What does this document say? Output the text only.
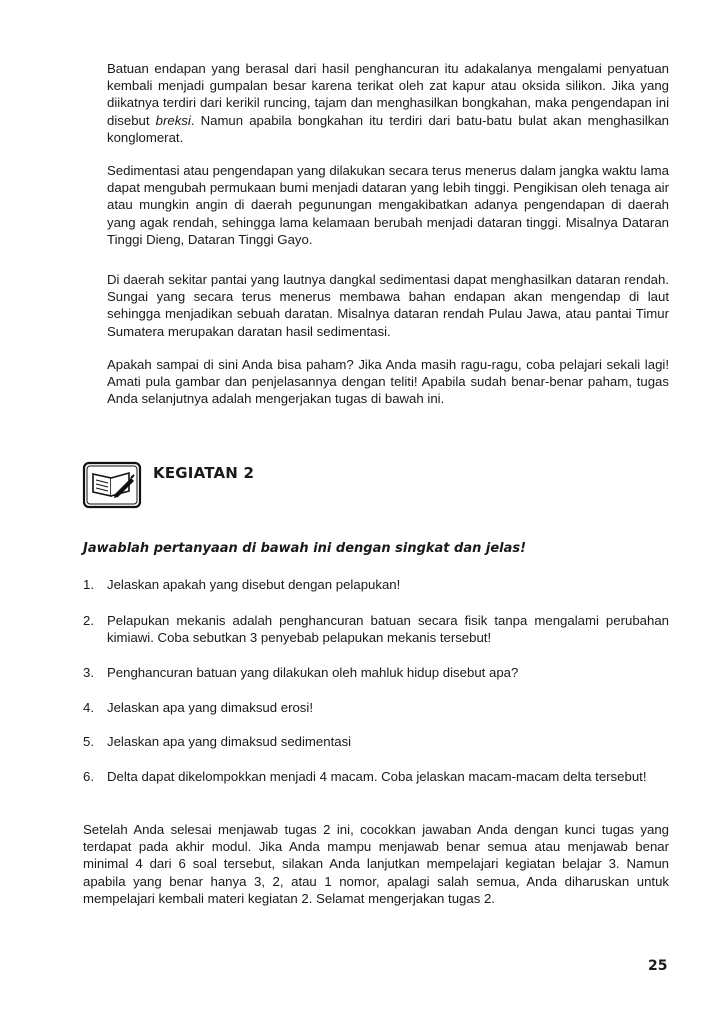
Batuan endapan yang berasal dari hasil penghancuran itu adakalanya mengalami penyatuan kembali menjadi gumpalan besar karena terikat oleh zat kapur atau oksida silikon. Jika yang diikatnya terdiri dari kerikil runcing, tajam dan menghasilkan bongkahan, maka pengendapan ini disebut breksi. Namun apabila bongkahan itu terdiri dari batu-batu bulat akan menghasilkan konglomerat.

Sedimentasi atau pengendapan yang dilakukan secara terus menerus dalam jangka waktu lama dapat mengubah permukaan bumi menjadi dataran yang lebih tinggi. Pengikisan oleh tenaga air atau mungkin angin di daerah pegunungan mengakibatkan adanya pengendapan di daerah yang agak rendah, sehingga lama kelamaan berubah menjadi dataran tinggi. Misalnya Dataran Tinggi Dieng, Dataran Tinggi Gayo.

Di daerah sekitar pantai yang lautnya dangkal sedimentasi dapat menghasilkan dataran rendah. Sungai yang secara terus menerus membawa bahan endapan akan mengendap di laut sehingga menjadikan sebuah daratan. Misalnya dataran rendah Pulau Jawa, atau pantai Timur Sumatera merupakan daratan hasil sedimentasi.

Apakah sampai di sini Anda bisa paham? Jika Anda masih ragu-ragu, coba pelajari sekali lagi! Amati pula gambar dan penjelasannya dengan teliti! Apabila sudah benar-benar paham, tugas Anda selanjutnya adalah mengerjakan tugas di bawah ini.

KEGIATAN 2
Jawablah pertanyaan di bawah ini dengan singkat dan jelas!
1. Jelaskan apakah yang disebut dengan pelapukan!
2. Pelapukan mekanis adalah penghancuran batuan secara fisik tanpa mengalami perubahan kimiawi. Coba sebutkan 3 penyebab pelapukan mekanis tersebut!
3. Penghancuran batuan yang dilakukan oleh mahluk hidup disebut apa?
4. Jelaskan apa yang dimaksud erosi!
5. Jelaskan apa yang dimaksud sedimentasi
6. Delta dapat dikelompokkan menjadi 4 macam. Coba jelaskan macam-macam delta tersebut!

Setelah Anda selesai menjawab tugas 2 ini, cocokkan jawaban Anda dengan kunci tugas yang terdapat pada akhir modul. Jika Anda mampu menjawab benar semua atau menjawab benar minimal 4 dari 6 soal tersebut, silakan Anda lanjutkan mempelajari kegiatan belajar 3. Namun apabila yang benar hanya 3, 2, atau 1 nomor, apalagi salah semua, Anda diharuskan untuk mempelajari kembali materi kegiatan 2. Selamat mengerjakan tugas 2.

25
